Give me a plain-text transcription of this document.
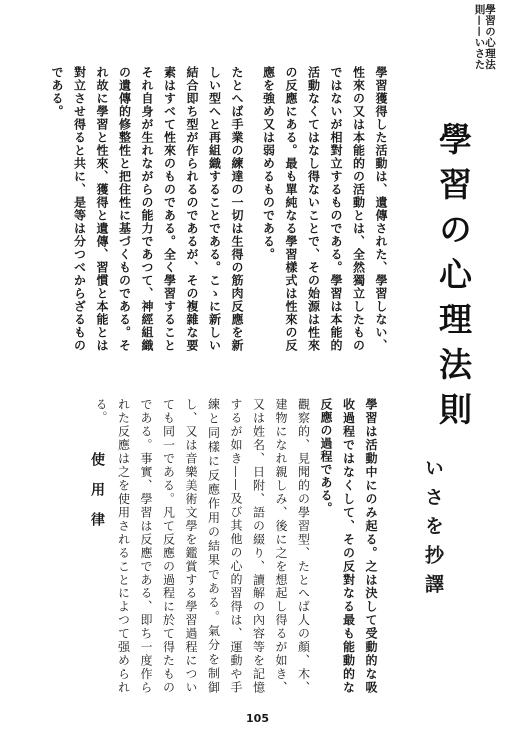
學習の心理法則——いさた
學習の心理法則
いさを抄譯

學習獲得した活動は、遺傳された、學習しない、性來の又は本能的の活動とは、全然獨立したものではないが相對立するものである。學習は本能的活動なくてはなし得ないことで、その始源は性來の反應にある。最も單純なる學習樣式は性來の反應を強め又は弱めるものである。

たとへば手業の練達の一切は生得の筋肉反應を新しい型へと再組織することである。こゝに新しい結合即ち型が作られるのであるが、その複雜な要素はすべて性來のものである。全く學習することそれ自身が生れながらの能力であつて、神經組織の遺傳的修整性と把住性に基づくものである。それ故に學習と性來、獲得と遺傳、習慣と本能とは對立させ得ると共に、是等は分つべからざるものである。

學習は活動中にのみ起る。之は決して受動的な吸收過程ではなくして、その反對なる最も能動的な反應の過程である。

觀察的、見聞的の學習型、たとへば人の顏、木、建物になれ親しみ、後に之を想起し得るが如き、又は姓名、日附、語の綴り、讀解の內容等を記憶するが如き——及び其他の心的習得は、運動や手練と同樣に反應作用の結果である。氣分を制御し、又は音樂美術文學を鑑賞する學習過程についても同一である。凡て反應の過程に於て得たものである。事實、學習は反應である、即ち一度作られた反應は之を使用されることによつて强められる。

使用律
105
